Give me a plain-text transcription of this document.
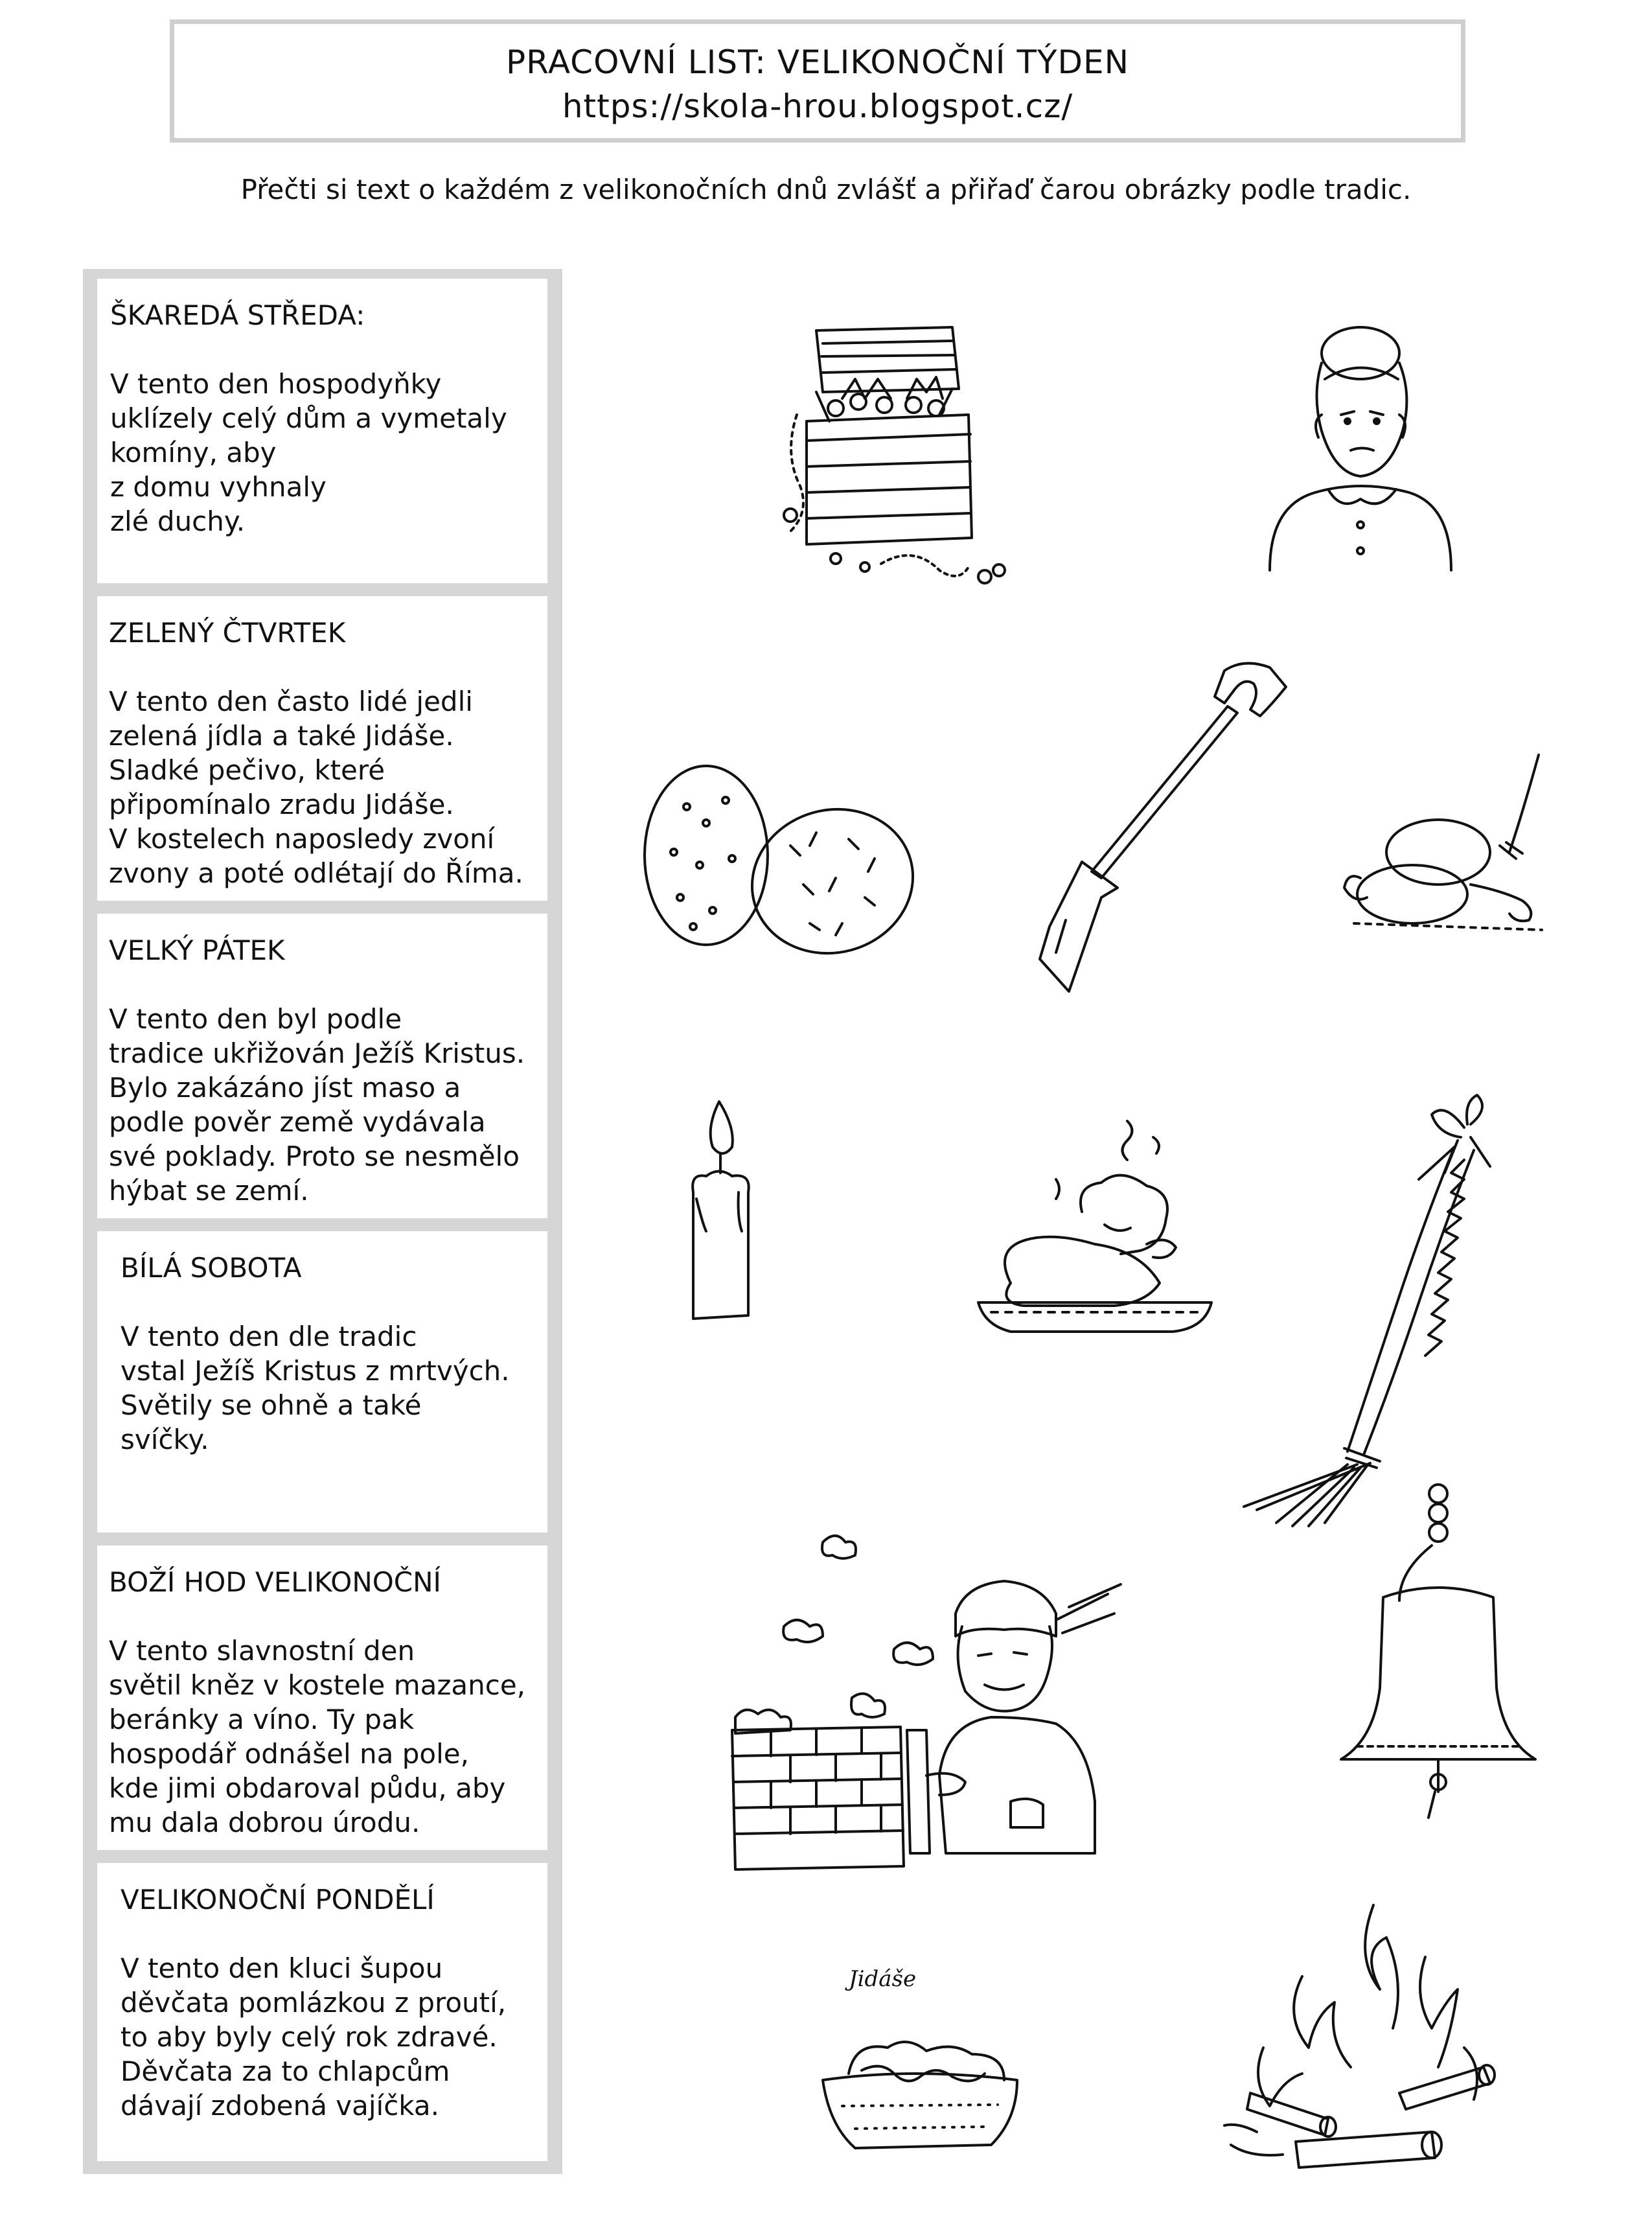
PRACOVNÍ LIST: VELIKONOČNÍ TÝDEN
https://skola-hrou.blogspot.cz/
Přečti si text o každém z velikonočních dnů zvlášť a přiřaď čarou obrázky podle tradic.
ŠKAREDÁ STŘEDA:
V tento den hospodyňky
uklízely celý dům a vymetaly
komíny, aby
z domu vyhnaly
zlé duchy.
ZELENÝ ČTVRTEK
V tento den často lidé jedli
zelená jídla a také Jidáše.
Sladké pečivo, které
připomínalo zradu Jidáše.
V kostelech naposledy zvoní
zvony a poté odlétají do Říma.
VELKÝ PÁTEK
V tento den byl podle
tradice ukřižován Ježíš Kristus.
Bylo zakázáno jíst maso a
podle pověr země vydávala
své poklady. Proto se nesmělo
hýbat se zemí.
BÍLÁ SOBOTA
V tento den dle tradic
vstal Ježíš Kristus z mrtvých.
Světily se ohně a také
svíčky.
BOŽÍ HOD VELIKONOČNÍ
V tento slavnostní den
světil kněz v kostele mazance,
beránky a víno. Ty pak
hospodář odnášel na pole,
kde jimi obdaroval půdu, aby
mu dala dobrou úrodu.
VELIKONOČNÍ PONDĚLÍ
V tento den kluci šupou
děvčata pomlázkou z proutí,
to aby byly celý rok zdravé.
Děvčata za to chlapcům
dávají zdobená vajíčka.
Jidáše
